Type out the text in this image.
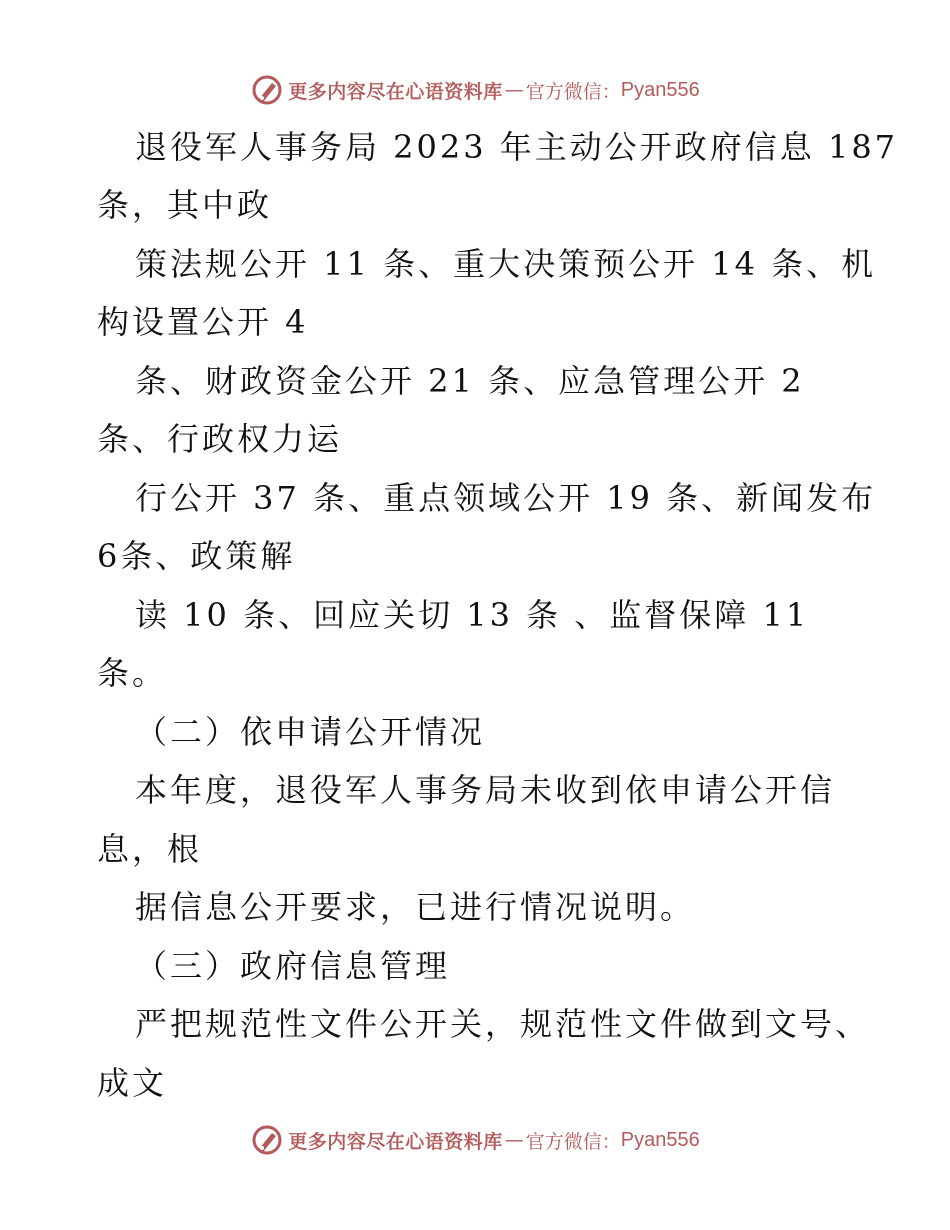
更多内容尽在心语资料库 — 官方微信： Pyan556
退役军人事务局 2023 年主动公开政府信息 187
条，其中政
策法规公开 11 条、重大决策预公开 14 条、机
构设置公开 4
条、财政资金公开 21 条、应急管理公开 2
条、行政权力运
行公开 37 条、重点领域公开 19 条、新闻发布
6条、政策解
读 10 条、回应关切 13 条 、监督保障 11
条。
（二）依申请公开情况
本年度，退役军人事务局未收到依申请公开信
息，根
据信息公开要求，已进行情况说明。
（三）政府信息管理
严把规范性文件公开关，规范性文件做到文号、
成文
更多内容尽在心语资料库 — 官方微信： Pyan556
